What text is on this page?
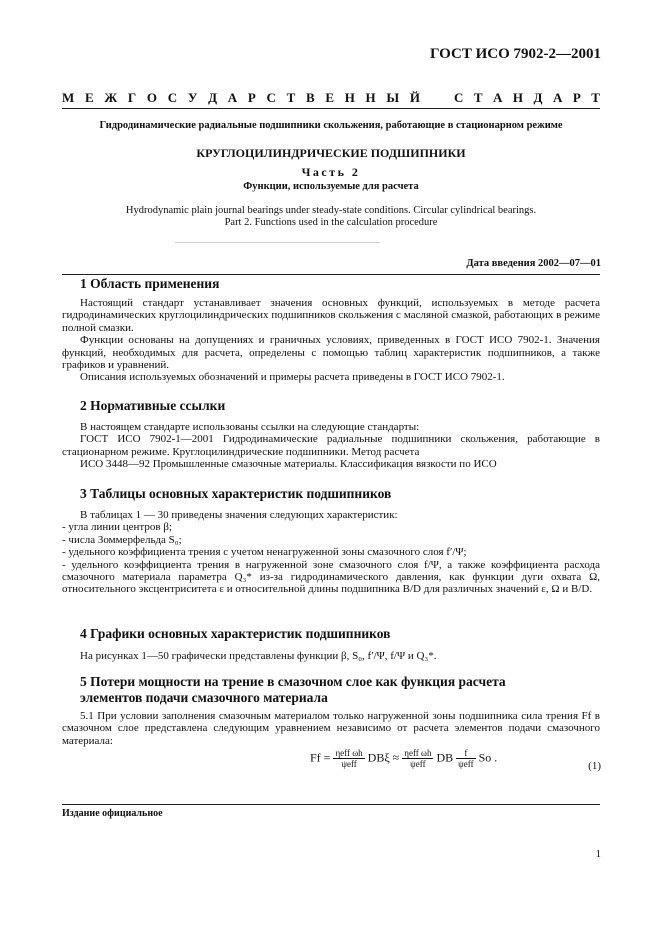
ГОСТ ИСО 7902-2—2001
М Е Ж Г О С У Д А Р С Т В Е Н Н Ы Й	С Т А Н Д А Р Т
Гидродинамические радиальные подшипники скольжения, работающие в стационарном режиме
КРУГЛОЦИЛИНДРИЧЕСКИЕ ПОДШИПНИКИ
Часть 2
Функции, используемые для расчета
Hydrodynamic plain journal bearings under steady-state conditions. Circular cylindrical bearings.
Part 2. Functions used in the calculation procedure
Дата введения 2002—07—01
1 Область применения
Настоящий стандарт устанавливает значения основных функций, используемых в методе расчета гидродинамических круглоцилиндрических подшипников скольжения с масляной смазкой, работающих в режиме полной смазки.
Функции основаны на допущениях и граничных условиях, приведенных в ГОСТ ИСО 7902-1. Значения функций, необходимых для расчета, определены с помощью таблиц характеристик подшипников, а также графиков и уравнений.
Описания используемых обозначений и примеры расчета приведены в ГОСТ ИСО 7902-1.
2 Нормативные ссылки
В настоящем стандарте использованы ссылки на следующие стандарты:
ГОСТ ИСО 7902-1—2001 Гидродинамические радиальные подшипники скольжения, работающие в стационарном режиме. Круглоцилиндрические подшипники. Метод расчета
ИСО 3448—92 Промышленные смазочные материалы. Классификация вязкости по ИСО
3 Таблицы основных характеристик подшипников
В таблицах 1 — 30 приведены значения следующих характеристик:
- угла линии центров β;
- числа Зоммерфельда S₀;
- удельного коэффициента трения с учетом ненагруженной зоны смазочного слоя f′/Ψ;
- удельного коэффициента трения в нагруженной зоне смазочного слоя f/Ψ, а также коэффициента расхода смазочного материала параметра Q₃* из-за гидродинамического давления, как функции дуги охвата Ω, относительного эксцентриситета ε и относительной длины подшипника B/D для различных значений ε, Ω и B/D.
4 Графики основных характеристик подшипников
На рисунках 1—50 графически представлены функции β, S₀, f′/Ψ, f/Ψ и Q₃*.
5 Потери мощности на трение в смазочном слое как функция расчета
элементов подачи смазочного материала
5.1 При условии заполнения смазочным материалом только нагруженной зоны подшипника сила трения Ff в смазочном слое представлена следующим уравнением независимо от расчета элементов подачи смазочного материала:
$Ff = \frac{\text{ηeff ωh}}{\text{ψeff}}$ $DB\xi \approx \frac{\text{ηeff ωh}}{\text{ψeff}}$ DB $\frac{f}{\text{ψeff}}$ So .
(1)
Издание официальное
1
